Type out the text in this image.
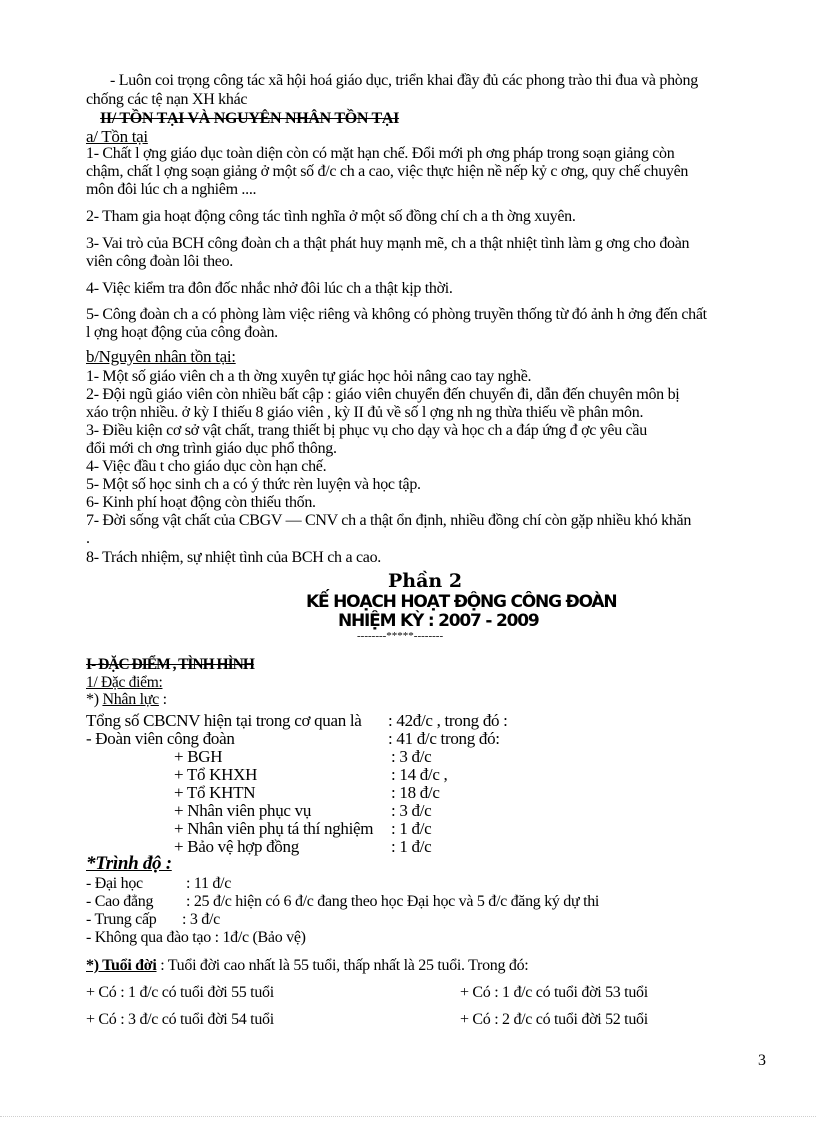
- Luôn coi trọng công tác xã hội hoá giáo dục, triển khai đầy đủ các phong trào thi đua và phòng
chống các tệ nạn XH khác
II/ TỒN TẠI VÀ NGUYÊN NHÂN TỒN TẠI
a/ Tồn tại
1- Chất l ợng giáo dục toàn diện còn có mặt hạn chế. Đổi mới ph ơng pháp trong soạn giảng còn
chậm, chất l ợng soạn giảng ở một số đ/c ch a cao, việc thực hiện nề nếp kỷ c ơng, quy chế chuyên
môn đôi lúc ch a nghiêm ....
2- Tham gia hoạt động công tác tình nghĩa ở một số đồng chí ch a th ờng xuyên.
3- Vai trò của BCH công đoàn ch a thật phát huy mạnh mẽ, ch a thật nhiệt tình làm g ơng cho đoàn
viên công đoàn lôi theo.
4- Việc kiểm tra đôn đốc nhắc nhở đôi lúc ch a thật kịp thời.
5- Công đoàn ch a có phòng làm việc riêng và không có phòng truyền thống từ đó ảnh h ởng đến chất
l ợng hoạt động của công đoàn.
b/Nguyên nhân tồn tại:
1- Một số giáo viên ch a th ờng xuyên tự giác học hỏi nâng cao tay nghề.
2- Đội ngũ giáo viên còn nhiều bất cập : giáo viên chuyển đến chuyển đi, dẫn đến chuyên môn bị
xáo trộn nhiều. ở kỳ I thiếu 8 giáo viên , kỳ II đủ về số l ợng nh ng thừa thiếu về phân môn.
3- Điều kiện cơ sở vật chất, trang thiết bị phục vụ cho dạy và học ch a đáp ứng đ ợc yêu cầu
đổi mới ch ơng trình giáo dục phổ thông.
4- Việc đầu t cho giáo dục còn hạn chế.
5- Một số học sinh ch a có ý thức rèn luyện và học tập.
6- Kinh phí hoạt động còn thiếu thốn.
7- Đời sống vật chất của CBGV — CNV ch a thật ổn định, nhiều đồng chí còn gặp nhiều khó khăn
.
8- Trách nhiệm, sự nhiệt tình của BCH ch a cao.
Phần 2
KẾ HOẠCH HOẠT ĐỘNG CÔNG ĐOÀN
NHIỆM KỲ : 2007 - 2009
--------*****--------
I- ĐẶC ĐIỂM , TÌNH HÌNH
1/ Đặc điểm:
*) Nhân lực :
Tổng số CBCNV hiện tại trong cơ quan là : 42đ/c , trong đó :
- Đoàn viên công đoàn	: 41 đ/c trong đó:
+ BGH	: 3 đ/c
+ Tổ KHXH	: 14 đ/c ,
+ Tổ KHTN	: 18 đ/c
+ Nhân viên phục vụ	: 3 đ/c
+ Nhân viên phụ tá thí nghiệm : 1 đ/c
+ Bảo vệ hợp đồng	: 1 đ/c
*Trình độ :
- Đại học	: 11 đ/c
- Cao đẳng : 25 đ/c hiện có 6 đ/c đang theo học Đại học và 5 đ/c đăng ký dự thi
- Trung cấp : 3 đ/c
- Không qua đào tạo : 1đ/c (Bảo vệ)
*) Tuổi đời : Tuổi đời cao nhất là 55 tuổi, thấp nhất là 25 tuổi. Trong đó:
+ Có : 1 đ/c có tuổi đời 55 tuổi	+ Có : 1 đ/c có tuổi đời 53 tuổi
+ Có : 3 đ/c có tuổi đời 54 tuổi	+ Có : 2 đ/c có tuổi đời 52 tuổi
3
